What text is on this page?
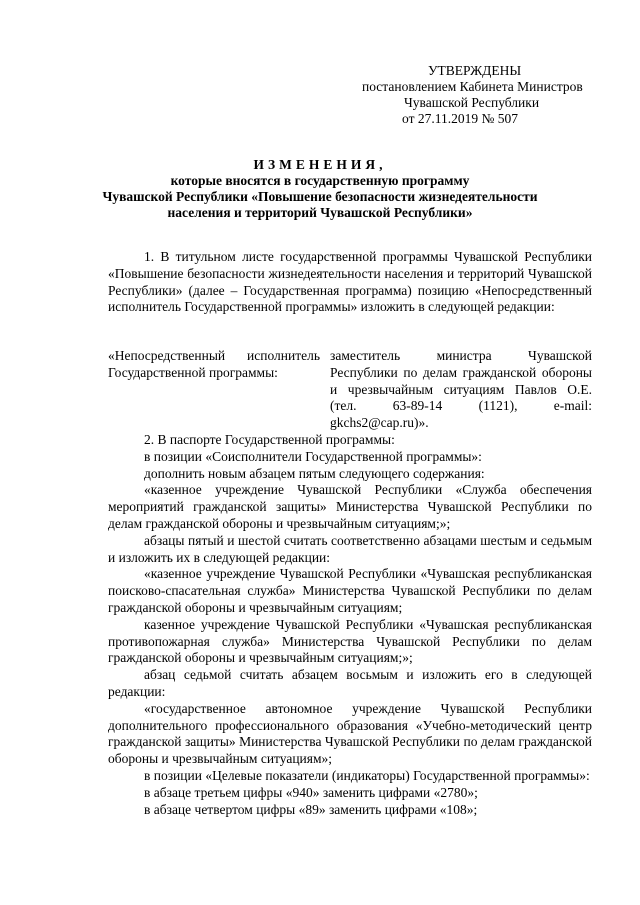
УТВЕРЖДЕНЫ
постановлением Кабинета Министров
Чувашской Республики
от 27.11.2019 № 507
ИЗМЕНЕНИЯ,
которые вносятся в государственную программу
Чувашской Республики «Повышение безопасности жизнедеятельности
населения и территорий Чувашской Республики»

1. В титульном листе государственной программы Чувашской Республики «Повышение безопасности жизнедеятельности населения и территорий Чувашской Республики» (далее – Государственная программа) позицию «Непосредственный исполнитель Государственной программы» изложить в следующей редакции:

«Непосредственный исполнитель
Государственной программы:
заместитель министра Чувашской Республики по делам гражданской обороны и чрезвычайным ситуациям Павлов О.Е. (тел. 63-89-14 (1121), e-mail: gkchs2@cap.ru)».

2. В паспорте Государственной программы:

в позиции «Соисполнители Государственной программы»:

дополнить новым абзацем пятым следующего содержания:

«казенное учреждение Чувашской Республики «Служба обеспечения мероприятий гражданской защиты» Министерства Чувашской Республики по делам гражданской обороны и чрезвычайным ситуациям;»;

абзацы пятый и шестой считать соответственно абзацами шестым и седьмым и изложить их в следующей редакции:

«казенное учреждение Чувашской Республики «Чувашская республиканская поисково-спасательная служба» Министерства Чувашской Республики по делам гражданской обороны и чрезвычайным ситуациям;

казенное учреждение Чувашской Республики «Чувашская республиканская противопожарная служба» Министерства Чувашской Республики по делам гражданской обороны и чрезвычайным ситуациям;»;

абзац седьмой считать абзацем восьмым и изложить его в следующей редакции:

«государственное автономное учреждение Чувашской Республики дополнительного профессионального образования «Учебно-методический центр гражданской защиты» Министерства Чувашской Республики по делам гражданской обороны и чрезвычайным ситуациям»;

в позиции «Целевые показатели (индикаторы) Государственной программы»:

в абзаце третьем цифры «940» заменить цифрами «2780»;

в абзаце четвертом цифры «89» заменить цифрами «108»;
